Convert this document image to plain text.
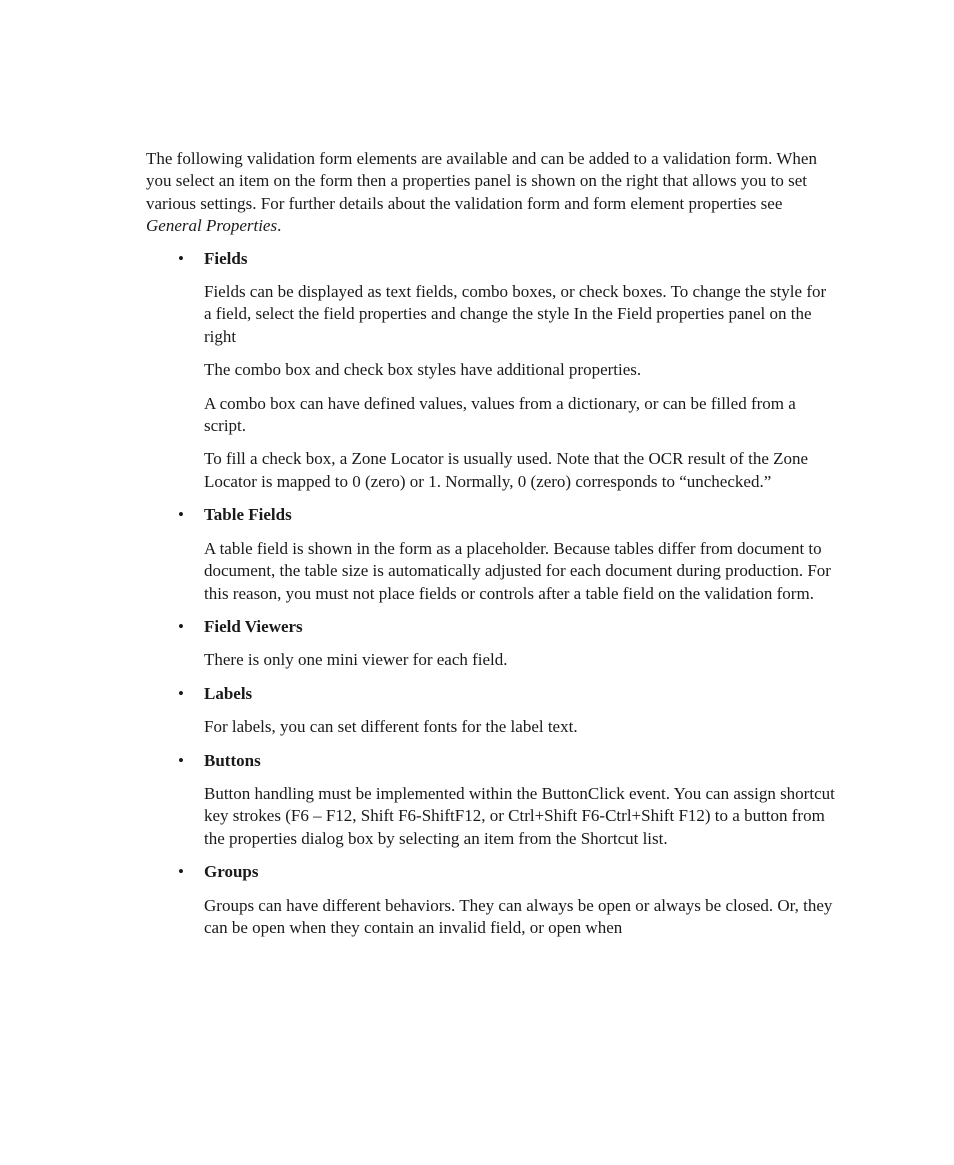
The following validation form elements are available and can be added to a validation form. When you select an item on the form then a properties panel is shown on the right that allows you to set various settings. For further details about the validation form and form element properties see General Properties.

• Fields

Fields can be displayed as text fields, combo boxes, or check boxes. To change the style for a field, select the field properties and change the style In the Field properties panel on the right

The combo box and check box styles have additional properties.

A combo box can have defined values, values from a dictionary, or can be filled from a script.

To fill a check box, a Zone Locator is usually used. Note that the OCR result of the Zone Locator is mapped to 0 (zero) or 1. Normally, 0 (zero) corresponds to “unchecked.”

• Table Fields

A table field is shown in the form as a placeholder. Because tables differ from document to document, the table size is automatically adjusted for each document during production. For this reason, you must not place fields or controls after a table field on the validation form.

• Field Viewers

There is only one mini viewer for each field.

• Labels

For labels, you can set different fonts for the label text.

• Buttons

Button handling must be implemented within the ButtonClick event. You can assign shortcut key strokes (F6 – F12, Shift F6-ShiftF12, or Ctrl+Shift F6-Ctrl+Shift F12) to a button from the properties dialog box by selecting an item from the Shortcut list.

• Groups

Groups can have different behaviors. They can always be open or always be closed. Or, they can be open when they contain an invalid field, or open when
